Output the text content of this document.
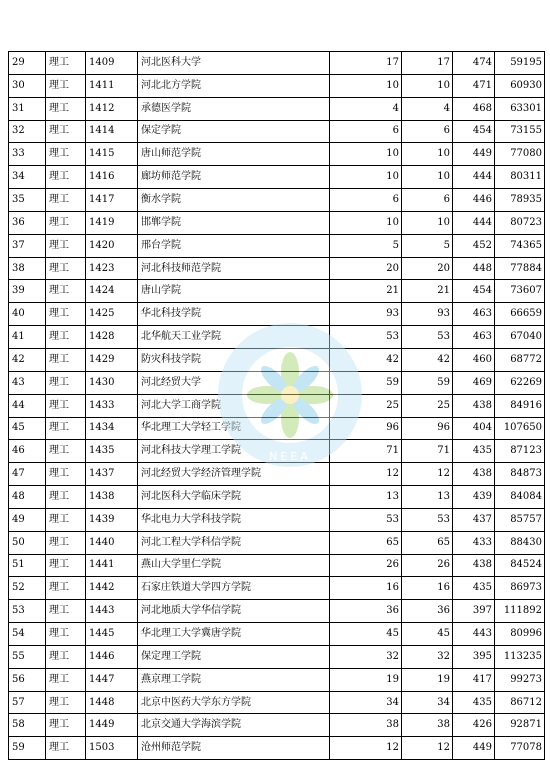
29	理工	1409	河北医科大学	17	17	474	59195
30	理工	1411	河北北方学院	10	10	471	60930
31	理工	1412	承德医学院	4	4	468	63301
32	理工	1414	保定学院	6	6	454	73155
33	理工	1415	唐山师范学院	10	10	449	77080
34	理工	1416	廊坊师范学院	10	10	444	80311
35	理工	1417	衡水学院	6	6	446	78935
36	理工	1419	邯郸学院	10	10	444	80723
37	理工	1420	邢台学院	5	5	452	74365
38	理工	1423	河北科技师范学院	20	20	448	77884
39	理工	1424	唐山学院	21	21	454	73607
40	理工	1425	华北科技学院	93	93	463	66659
41	理工	1428	北华航天工业学院	53	53	463	67040
42	理工	1429	防灾科技学院	42	42	460	68772
43	理工	1430	河北经贸大学	59	59	469	62269
44	理工	1433	河北大学工商学院	25	25	438	84916
45	理工	1434	华北理工大学轻工学院	96	96	404	107650
46	理工	1435	河北科技大学理工学院	71	71	435	87123
47	理工	1437	河北经贸大学经济管理学院	12	12	438	84873
48	理工	1438	河北医科大学临床学院	13	13	439	84084
49	理工	1439	华北电力大学科技学院	53	53	437	85757
50	理工	1440	河北工程大学科信学院	65	65	433	88430
51	理工	1441	燕山大学里仁学院	26	26	438	84524
52	理工	1442	石家庄铁道大学四方学院	16	16	435	86973
53	理工	1443	河北地质大学华信学院	36	36	397	111892
54	理工	1445	华北理工大学冀唐学院	45	45	443	80996
55	理工	1446	保定理工学院	32	32	395	113235
56	理工	1447	燕京理工学院	19	19	417	99273
57	理工	1448	北京中医药大学东方学院	34	34	435	86712
58	理工	1449	北京交通大学海滨学院	38	38	426	92871
59	理工	1503	沧州师范学院	12	12	449	77078
NEEA
